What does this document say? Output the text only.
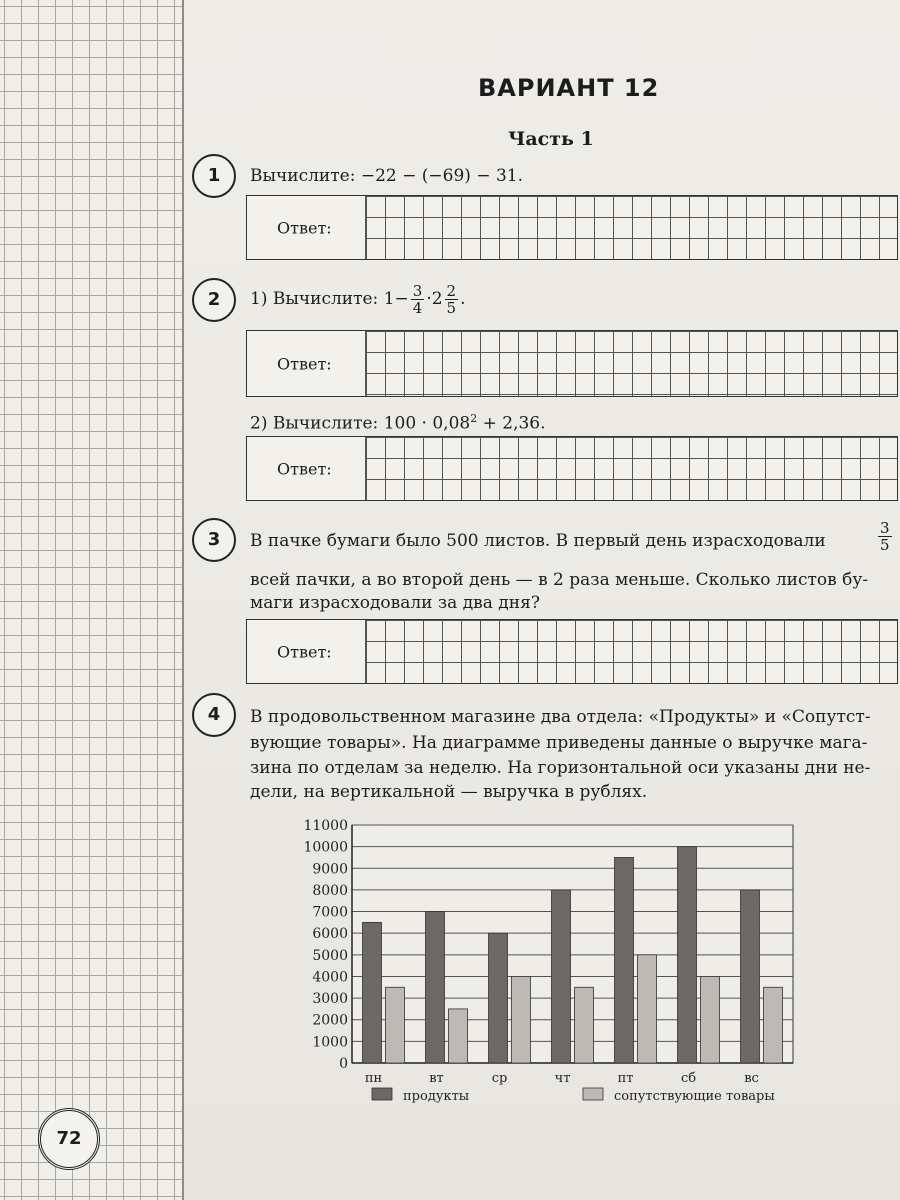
ВАРИАНТ 12
Часть 1
1	Вычислите: −22 − (−69) − 31.
Ответ:
2	1) Вычислите: $1- \frac{3}{4} \cdot 2 \frac{2}{5}$ .
Ответ:
2) Вычислите: $100 \cdot 0,08^2 + 2,36$.
Ответ:
3	В пачке бумаги было 500 листов. В первый день израсходовали	$\frac{3}{5}$
всей пачки, а во второй день — в 2 раза меньше. Сколько листов бу-
маги израсходовали за два дня?
Ответ:
4	В продовольственном магазине два отдела: «Продукты» и «Сопутст-
вующие товары». На диаграмме приведены данные о выручке мага-
зина по отделам за неделю. На горизонтальной оси указаны дни не-
дели, на вертикальной — выручка в рублях.
0
1000
2000
3000
4000
5000
6000
7000
8000
9000
10000
11000
пн	вт	ср	чт	пт	сб	вс
продукты	сопутствующие товары
72
